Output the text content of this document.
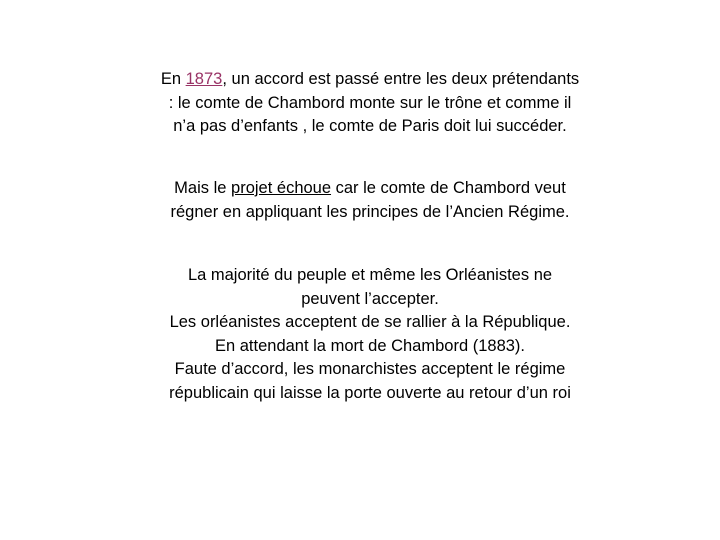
En 1873, un accord est passé entre les deux prétendants : le comte de Chambord monte sur le trône et comme il n’a pas d’enfants , le comte de Paris doit lui succéder.
Mais le projet échoue car le comte de Chambord veut régner en appliquant les principes de l’Ancien Régime.
La majorité du peuple et même les Orléanistes ne peuvent l’accepter.
Les orléanistes acceptent de se rallier à la République. En attendant la mort de Chambord (1883).
Faute d’accord, les monarchistes acceptent le régime républicain qui laisse la porte ouverte au retour d’un roi
